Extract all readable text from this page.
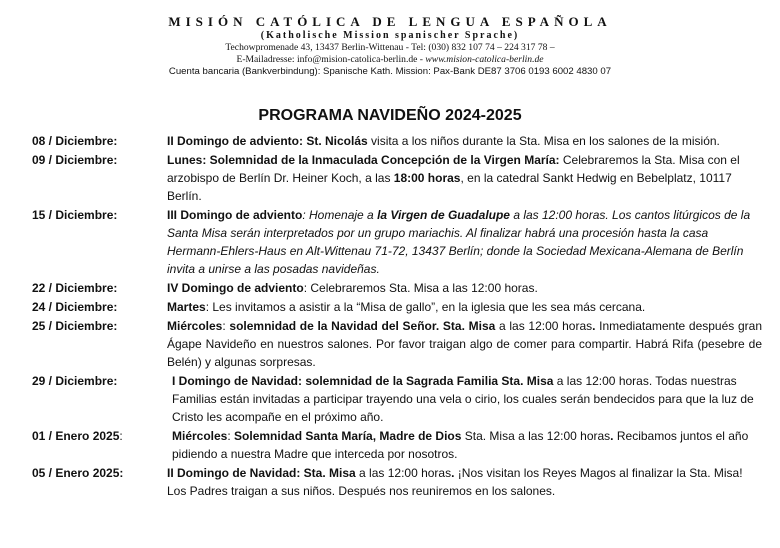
MISIÓN CATÓLICA DE LENGUA ESPAÑOLA
(Katholische Mission spanischer Sprache)
Techowpromenade 43, 13437 Berlin-Wittenau - Tel: (030) 832 107 74 – 224 317 78 –
E-Mailadresse: info@mision-catolica-berlin.de - www.mision-catolica-berlin.de
Cuenta bancaria (Bankverbindung): Spanische Kath. Mission: Pax-Bank DE87 3706 0193 6002 4830 07
PROGRAMA NAVIDEÑO 2024-2025
08 / Diciembre:	II Domingo de adviento: St. Nicolás visita a los niños durante la Sta. Misa en los salones de la misión.
09 / Diciembre:	Lunes: Solemnidad de la Inmaculada Concepción de la Virgen María: Celebraremos la Sta. Misa con el arzobispo de Berlín Dr. Heiner Koch, a las 18:00 horas, en la catedral Sankt Hedwig en Bebelplatz, 10117 Berlín.
15 / Diciembre:	III Domingo de adviento: Homenaje a la Virgen de Guadalupe a las 12:00 horas. Los cantos litúrgicos de la Santa Misa serán interpretados por un grupo mariachis. Al finalizar habrá una procesión hasta la casa Hermann-Ehlers-Haus en Alt-Wittenau 71-72, 13437 Berlín; donde la Sociedad Mexicana-Alemana de Berlín invita a unirse a las posadas navideñas.
22 / Diciembre:	IV Domingo de adviento: Celebraremos Sta. Misa a las 12:00 horas.
24 / Diciembre:	Martes: Les invitamos a asistir a la “Misa de gallo”, en la iglesia que les sea más cercana.
25 / Diciembre:	Miércoles: solemnidad de la Navidad del Señor. Sta. Misa a las 12:00 horas. Inmediatamente después gran Ágape Navideño en nuestros salones. Por favor traigan algo de comer para compartir. Habrá Rifa (pesebre de Belén) y algunas sorpresas.
29 / Diciembre:	I Domingo de Navidad: solemnidad de la Sagrada Familia Sta. Misa a las 12:00 horas. Todas nuestras Familias están invitadas a participar trayendo una vela o cirio, los cuales serán bendecidos para que la luz de Cristo les acompañe en el próximo año.
01 / Enero 2025:	Miércoles: Solemnidad Santa María, Madre de Dios Sta. Misa a las 12:00 horas. Recibamos juntos el año pidiendo a nuestra Madre que interceda por nosotros.
05 / Enero 2025:	II Domingo de Navidad: Sta. Misa a las 12:00 horas. ¡Nos visitan los Reyes Magos al finalizar la Sta. Misa! Los Padres traigan a sus niños. Después nos reuniremos en los salones.
